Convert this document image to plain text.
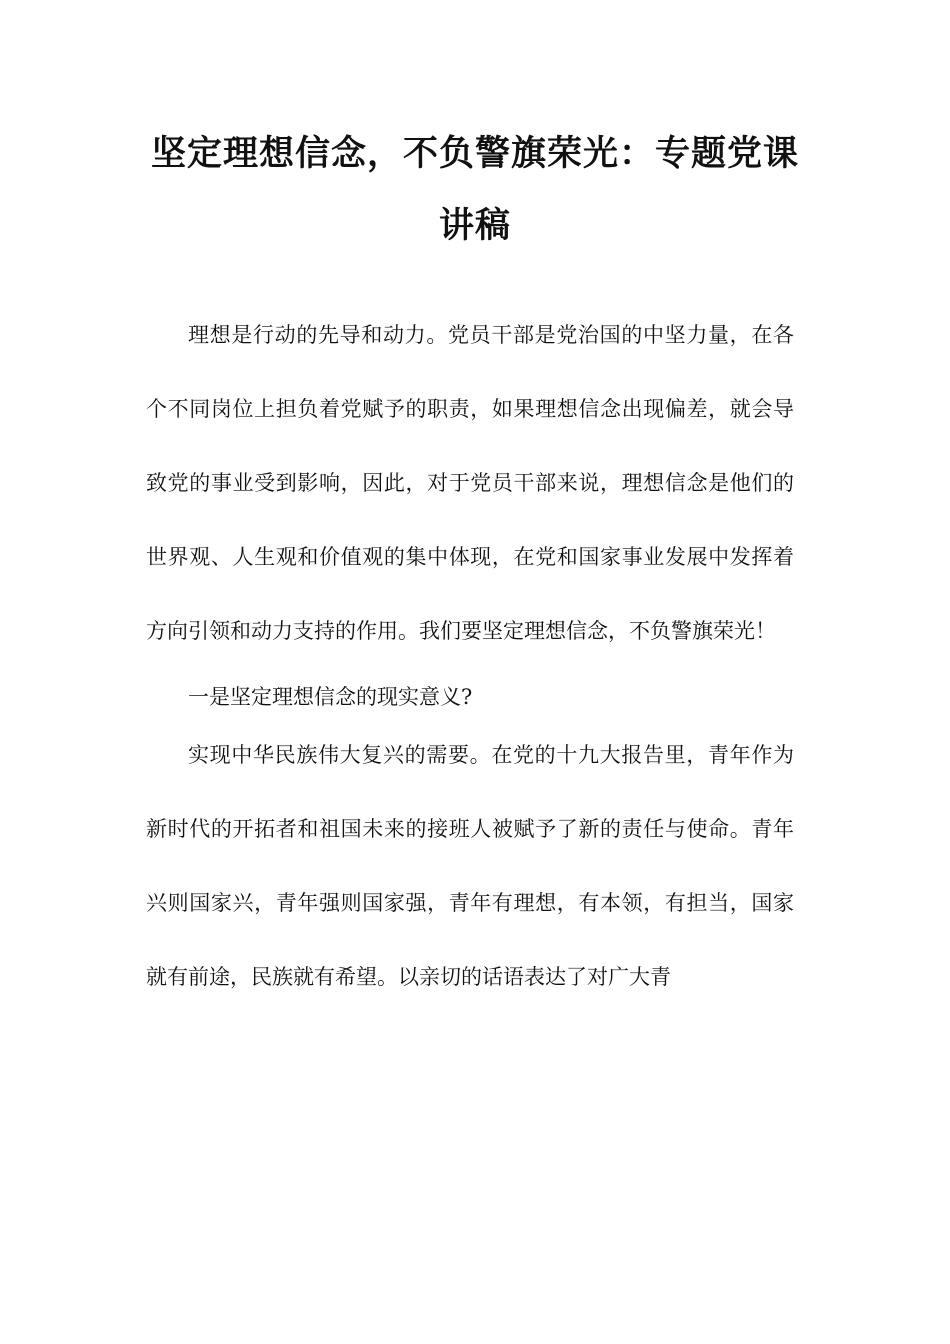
坚定理想信念，不负警旗荣光：专题党课讲稿

理想是行动的先导和动力。党员干部是党治国的中坚力量，在各个不同岗位上担负着党赋予的职责，如果理想信念出现偏差，就会导致党的事业受到影响，因此，对于党员干部来说，理想信念是他们的世界观、人生观和价值观的集中体现，在党和国家事业发展中发挥着方向引领和动力支持的作用。我们要坚定理想信念，不负警旗荣光！

一是坚定理想信念的现实意义?

实现中华民族伟大复兴的需要。在党的十九大报告里，青年作为新时代的开拓者和祖国未来的接班人被赋予了新的责任与使命。青年兴则国家兴，青年强则国家强，青年有理想，有本领，有担当，国家就有前途，民族就有希望。以亲切的话语表达了对广大青
